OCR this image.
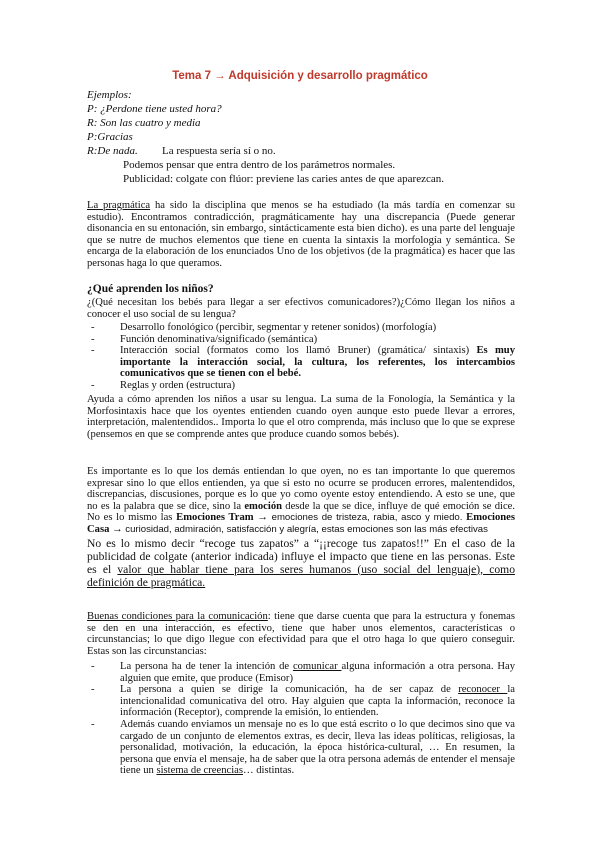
Tema 7 → Adquisición y desarrollo pragmático
Ejemplos:
P: ¿Perdone tiene usted hora?
R: Son las cuatro y media
P:Gracias
R:De nada. La respuesta sería sí o no.
Podemos pensar que entra dentro de los parámetros normales.
Publicidad: colgate con flúor: previene las caries antes de que aparezcan.

La pragmática ha sido la disciplina que menos se ha estudiado (la más tardía en comenzar su estudio). Encontramos contradicción, pragmáticamente hay una discrepancia (Puede generar disonancia en su entonación, sin embargo, sintácticamente esta bien dicho). es una parte del lenguaje que se nutre de muchos elementos que tiene en cuenta la sintaxis la morfología y semántica. Se encarga de la elaboración de los enunciados Uno de los objetivos (de la pragmática) es hacer que las personas haga lo que queramos.

¿Qué aprenden los niños?

¿(Qué necesitan los bebés para llegar a ser efectivos comunicadores?)¿Cómo llegan los niños a conocer el uso social de su lengua?

- Desarrollo fonológico (percibir, segmentar y retener sonidos) (morfología)
- Función denominativa/significado (semántica)
- Interacción social (formatos como los llamó Bruner) (gramática/ sintaxis) Es muy importante la interacción social, la cultura, los referentes, los intercambios comunicativos que se tienen con el bebé.
- Reglas y orden (estructura)

Ayuda a cómo aprenden los niños a usar su lengua. La suma de la Fonología, la Semántica y la Morfosintaxis hace que los oyentes entienden cuando oyen aunque esto puede llevar a errores, interpretación, malentendidos.. Importa lo que el otro comprenda, más incluso que lo que se exprese (pensemos en que se comprende antes que produce cuando somos bebés).

Es importante es lo que los demás entiendan lo que oyen, no es tan importante lo que queremos expresar sino lo que ellos entienden, ya que si esto no ocurre se producen errores, malentendidos, discrepancias, discusiones, porque es lo que yo como oyente estoy entendiendo. A esto se une, que no es la palabra que se dice, sino la emoción desde la que se dice, influye de qué emoción se dice. No es lo mismo las Emociones Tram → emociones de tristeza, rabia, asco y miedo. Emociones Casa → curiosidad, admiración, satisfacción y alegría, estas emociones son las más efectivas

No es lo mismo decir “recoge tus zapatos” a “¡¡recoge tus zapatos!!” En el caso de la publicidad de colgate (anterior indicada) influye el impacto que tiene en las personas. Este es el valor que hablar tiene para los seres humanos (uso social del lenguaje), como definición de pragmática.

Buenas condiciones para la comunicación: tiene que darse cuenta que para la estructura y fonemas se den en una interacción, es efectivo, tiene que haber unos elementos, características o circunstancias; lo que digo llegue con efectividad para que el otro haga lo que quiero conseguir. Estas son las circunstancias:

- La persona ha de tener la intención de comunicar alguna información a otra persona. Hay alguien que emite, que produce (Emisor)
- La persona a quien se dirige la comunicación, ha de ser capaz de reconocer la intencionalidad comunicativa del otro. Hay alguien que capta la información, reconoce la información (Receptor), comprende la emisión, lo entienden.
- Además cuando enviamos un mensaje no es lo que está escrito o lo que decimos sino que va cargado de un conjunto de elementos extras, es decir, lleva las ideas políticas, religiosas, la personalidad, motivación, la educación, la época histórica-cultural, … En resumen, la persona que envía el mensaje, ha de saber que la otra persona además de entender el mensaje tiene un sistema de creencias… distintas.
